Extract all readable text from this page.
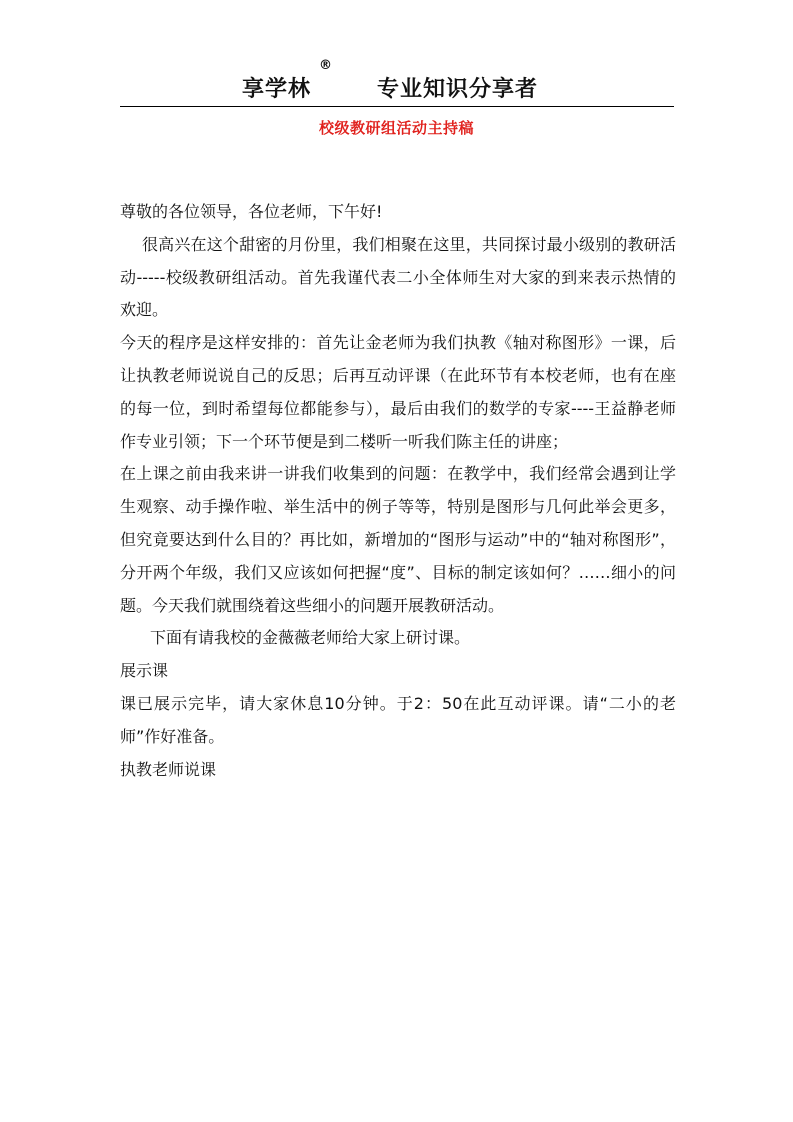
享学林
®
专业知识分享者
校级教研组活动主持稿

尊敬的各位领导，各位老师，下午好!

很高兴在这个甜密的月份里，我们相聚在这里，共同探讨最小级别的教研活动-----校级教研组活动。首先我谨代表二小全体师生对大家的到来表示热情的欢迎。

今天的程序是这样安排的：首先让金老师为我们执教《轴对称图形》一课，后让执教老师说说自己的反思；后再互动评课（在此环节有本校老师，也有在座的每一位，到时希望每位都能参与），最后由我们的数学的专家----王益静老师作专业引领；下一个环节便是到二楼听一听我们陈主任的讲座；

在上课之前由我来讲一讲我们收集到的问题：在教学中，我们经常会遇到让学生观察、动手操作啦、举生活中的例子等等，特别是图形与几何此举会更多，但究竟要达到什么目的？再比如，新增加的“图形与运动”中的“轴对称图形”，分开两个年级，我们又应该如何把握“度”、目标的制定该如何？……细小的问题。今天我们就围绕着这些细小的问题开展教研活动。

下面有请我校的金薇薇老师给大家上研讨课。

展示课

课已展示完毕，请大家休息10分钟。于2：50在此互动评课。请“二小的老师”作好准备。

执教老师说课
